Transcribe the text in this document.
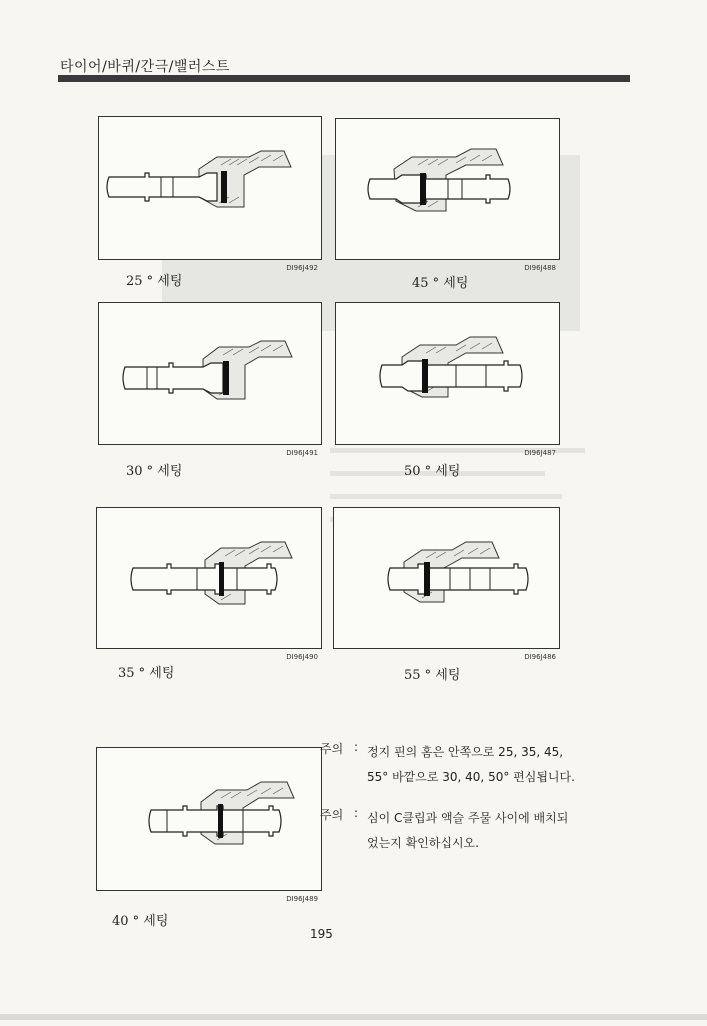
타이어/바퀴/간극/밸러스트
DI96J492
25 ° 세팅
DI96J488
45 ° 세팅
DI96J491
30 ° 세팅
DI96J487
50 ° 세팅
DI96J490
35 ° 세팅
DI96J486
55 ° 세팅
DI96J489
40 ° 세팅
주의 : 정지 핀의 홈은 안쪽으로 25, 35, 45, 55° 바깥으로 30, 40, 50° 편심됩니다.
주의 : 심이 C클립과 액슬 주물 사이에 배치되었는지 확인하십시오.
195
